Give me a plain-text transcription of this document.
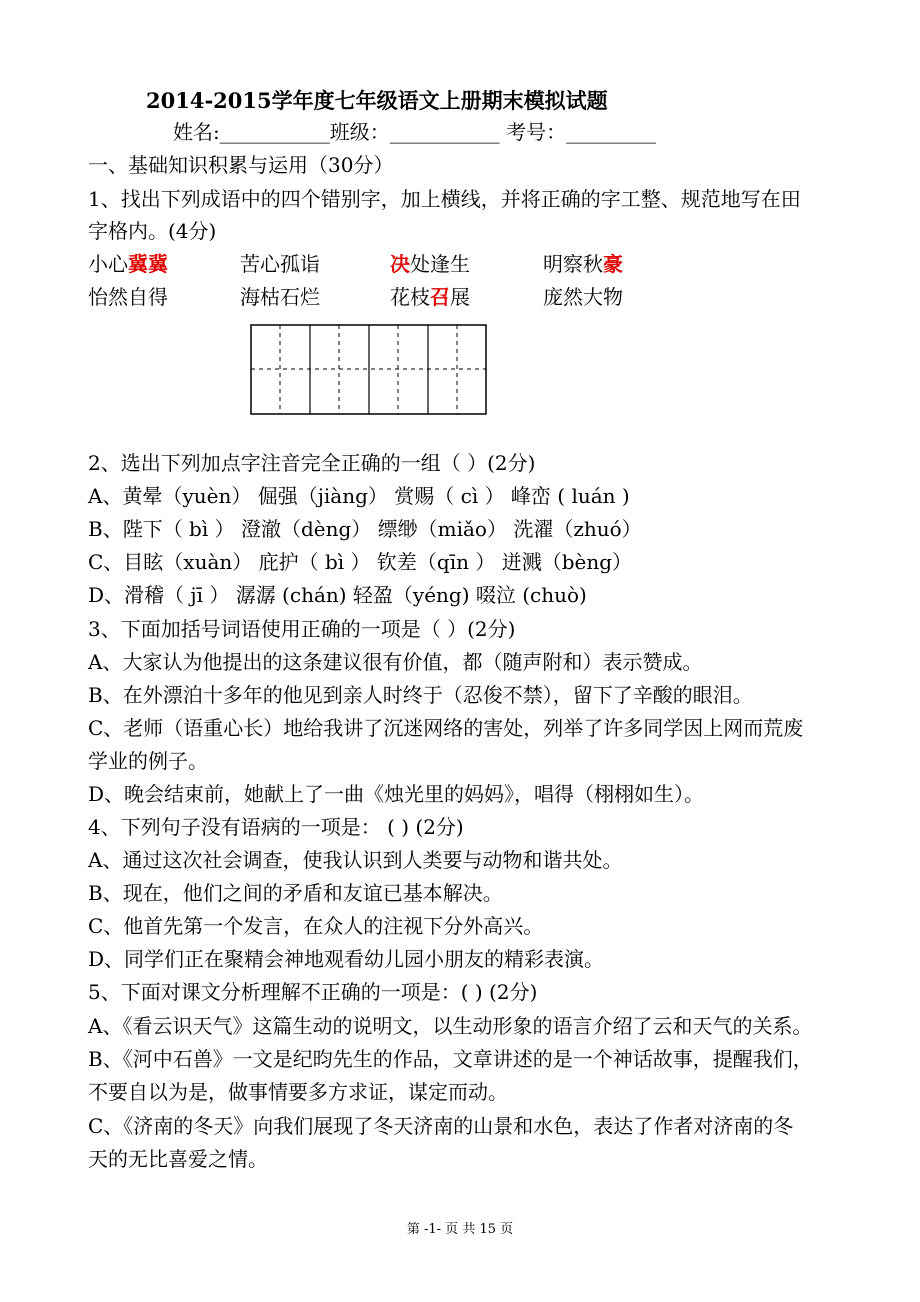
2014-2015学年度七年级语文上册期末模拟试题
姓名:___________班级：___________ 考号：_________
一、基础知识积累与运用（30分）
1、找出下列成语中的四个错别字，加上横线，并将正确的字工整、规范地写在田
字格内。(4分)
小心冀冀	苦心孤诣	决处逢生	明察秋豪
怡然自得	海枯石烂	花枝召展	庞然大物
2、选出下列加点字注音完全正确的一组（ ）(2分)
A、黄晕（yuèn） 倔强（jiàng） 赏赐（ cì ） 峰峦 ( luán )
B、陛下（ bì ） 澄澈（dèng） 缥缈（miǎo） 洗濯（zhuó）
C、目眩（xuàn） 庇护（ bì ） 钦差（qīn ） 迸溅（bèng）
D、滑稽（ jī ） 潺潺 (chán) 轻盈（yéng) 啜泣 (chuò)
3、下面加括号词语使用正确的一项是（ ）(2分)
A、大家认为他提出的这条建议很有价值，都（随声附和）表示赞成。
B、在外漂泊十多年的他见到亲人时终于（忍俊不禁），留下了辛酸的眼泪。
C、老师（语重心长）地给我讲了沉迷网络的害处，列举了许多同学因上网而荒废
学业的例子。
D、晚会结束前，她献上了一曲《烛光里的妈妈》，唱得（栩栩如生）。
4、下列句子没有语病的一项是： ( ) (2分)
A、通过这次社会调查，使我认识到人类要与动物和谐共处。
B、现在，他们之间的矛盾和友谊已基本解决。
C、他首先第一个发言，在众人的注视下分外高兴。
D、同学们正在聚精会神地观看幼儿园小朋友的精彩表演。
5、下面对课文分析理解不正确的一项是：( ) (2分)
A、《看云识天气》这篇生动的说明文，以生动形象的语言介绍了云和天气的关系。
B、《河中石兽》一文是纪昀先生的作品，文章讲述的是一个神话故事，提醒我们，
不要自以为是，做事情要多方求证，谋定而动。
C、《济南的冬天》向我们展现了冬天济南的山景和水色，表达了作者对济南的冬
天的无比喜爱之情。
第 -1- 页 共 15 页
